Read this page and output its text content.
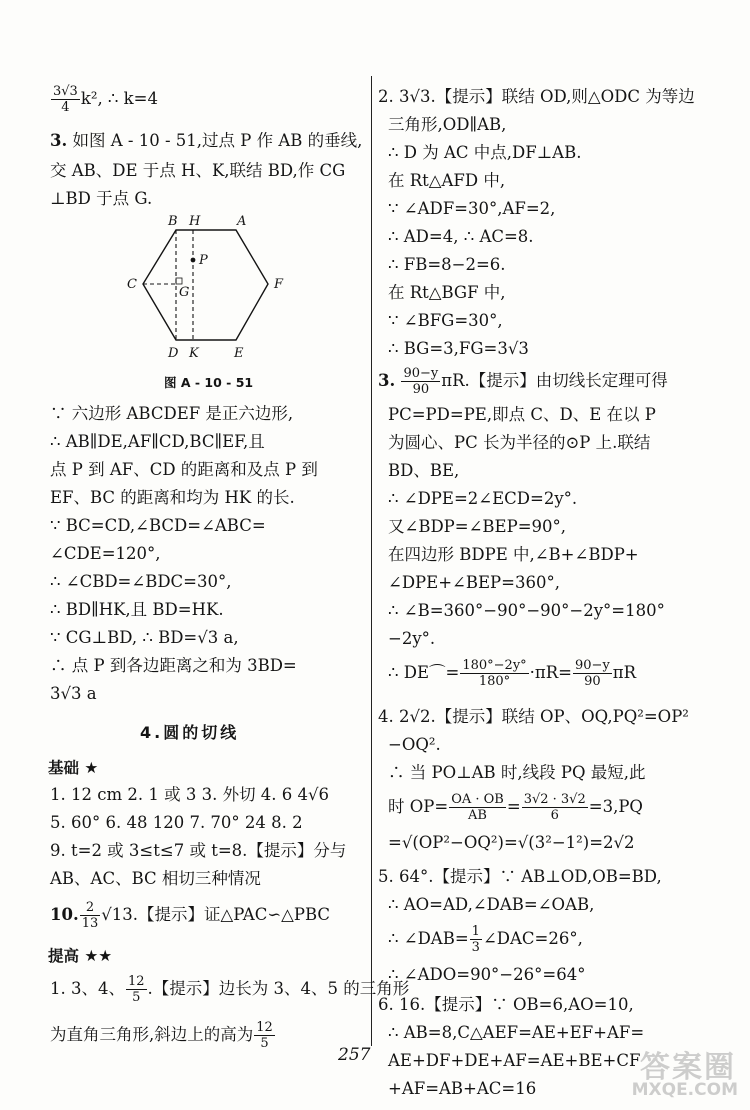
$\frac{3√3}{4} k^2$, ∴ k=4
3. 如图 A - 10 - 51,过点 P 作 AB 的垂线,
交 AB、DE 于点 H、K,联结 BD,作 CG
⊥BD 于点 G.
B H	A
P
C
G
F
D K	E
图 A - 10 - 51
∵ 六边形 ABCDEF 是正六边形,
∴ AB∥DE,AF∥CD,BC∥EF,且
点 P 到 AF、CD 的距离和及点 P 到
EF、BC 的距离和均为 HK 的长.
∵ BC=CD,∠BCD=∠ABC=
∠CDE=120°,
∴ ∠CBD=∠BDC=30°,
∴ BD∥HK,且 BD=HK.
∵ CG⊥BD, ∴ BD=√3 a,
∴ 点 P 到各边距离之和为 3BD=
3√3 a
4.圆的切线
基础 ★
1. 12 cm 2. 1 或 3 3. 外切 4. 6 4√6
5. 60° 6. 48 120 7. 70° 24 8. 2
9. t=2 或 3≤t≤7 或 t=8.【提示】分与
AB、AC、BC 相切三种情况
10. $\frac{2}{13} √13$.【提示】证△PAC∽△PBC
提高 ★★
1. 3、4、 $\frac{12}{5}$ .【提示】边长为 3、4、5 的三角形
为直角三角形,斜边上的高为 $\frac{12}{5}$
2. 3√3.【提示】联结 OD,则△ODC 为等边
三角形,OD∥AB,
∴ D 为 AC 中点,DF⊥AB.
在 Rt△AFD 中,
∵ ∠ADF=30°,AF=2,
∴ AD=4, ∴ AC=8.
∴ FB=8−2=6.
在 Rt△BGF 中,
∵ ∠BFG=30°,
∴ BG=3,FG=3√3
3. $\frac{90-y}{90} \pi R$.【提示】由切线长定理可得
PC=PD=PE,即点 C、D、E 在以 P
为圆心、PC 长为半径的⊙P 上.联结
BD、BE,
∴ ∠DPE=2∠ECD=2y°.
又∠BDP=∠BEP=90°,
在四边形 BDPE 中,∠B+∠BDP+
∠DPE+∠BEP=360°,
∴ ∠B=360°−90°−90°−2y°=180°
−2y°.
∴ DE⌒= $\frac{180^\circ-2y^\circ}{180^\circ} \cdot\pi R= \frac{90-y}{90}$ πR
4. 2√2.【提示】联结 OP、OQ,PQ²=OP²
−OQ².
∴ 当 PO⊥AB 时,线段 PQ 最短,此
时 $OP= \frac{OA \cdot OB}{AB} = \frac{3√2 \cdot 3√2}{6} =3,PQ$
=√(OP²−OQ²)=√(3²−1²)=2√2
5. 64°.【提示】∵ AB⊥OD,OB=BD,
∴ AO=AD,∠DAB=∠OAB,
∴ ∠DAB= $\frac{1}{3}$ ∠DAC=26°,
∴ ∠ADO=90°−26°=64°
6. 16.【提示】∵ OB=6,AO=10,
∴ AB=8,C△AEF=AE+EF+AF=
AE+DF+DE+AF=AE+BE+CF
+AF=AB+AC=16
257	答案圈
MXQE.COM
